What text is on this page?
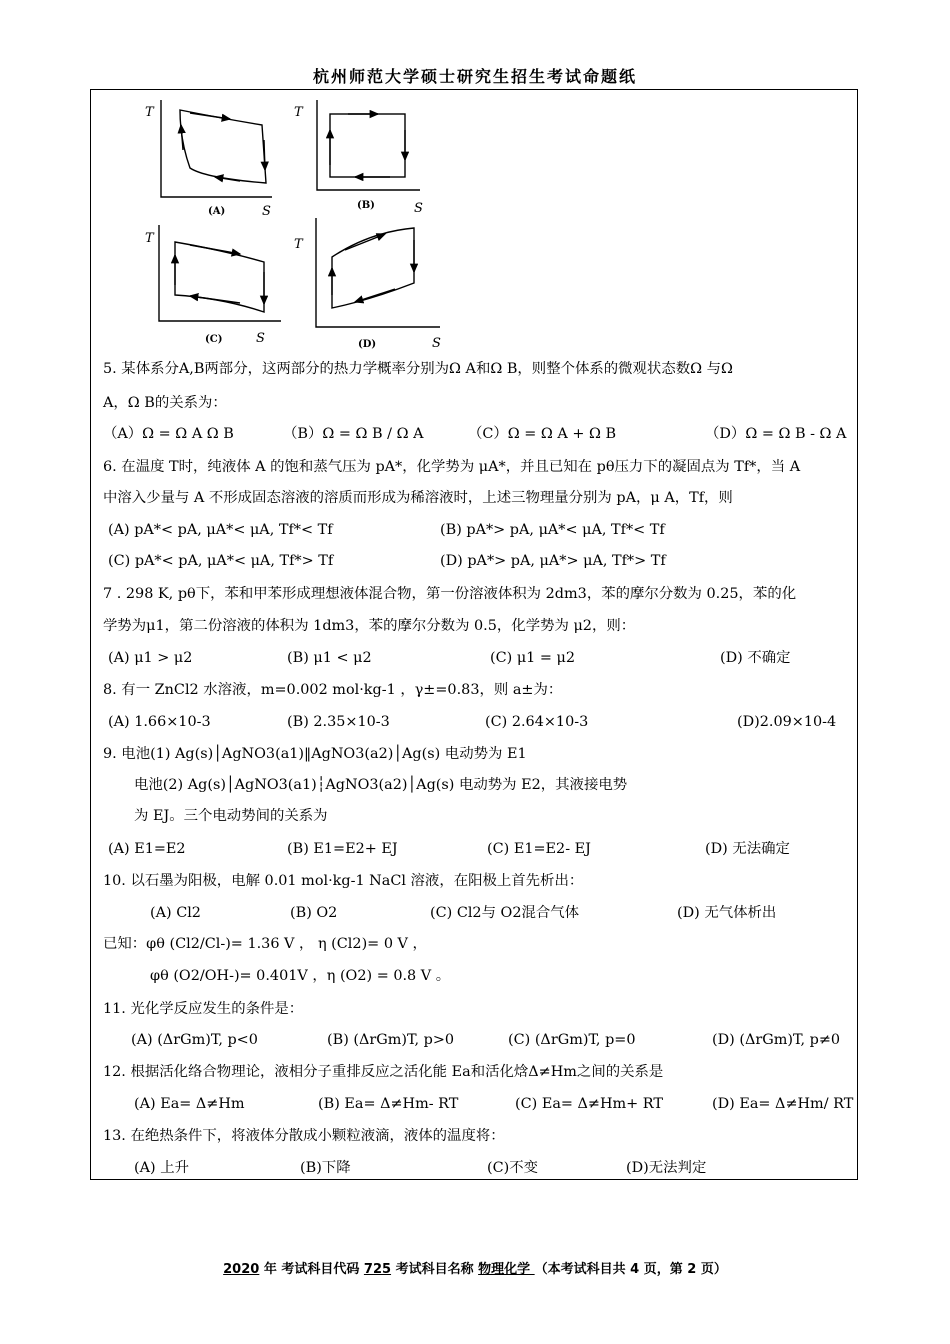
杭州师范大学硕士研究生招生考试命题纸
T
S
T
S
T
S
T
S
(A)
(B)
(C)	(D)
5. 某体系分A,B两部分，这两部分的热力学概率分别为Ω A和Ω B，则整个体系的微观状态数Ω 与Ω
A，Ω B的关系为：
（A）Ω = Ω A Ω B	（B）Ω = Ω B / Ω A	（C）Ω = Ω A + Ω B	（D）Ω = Ω B - Ω A
6. 在温度 T时，纯液体 A 的饱和蒸气压为 pA*，化学势为 μA*，并且已知在 pθ压力下的凝固点为 Tf*，当 A
中溶入少量与 A 不形成固态溶液的溶质而形成为稀溶液时，上述三物理量分别为 pA，μ A，Tf，则
(A) pA*< pA, μA*< μA, Tf*< Tf	(B) pA*> pA, μA*< μA, Tf*< Tf
(C) pA*< pA, μA*< μA, Tf*> Tf	(D) pA*> pA, μA*> μA, Tf*> Tf
7 . 298 K, pθ下，苯和甲苯形成理想液体混合物，第一份溶液体积为 2dm3，苯的摩尔分数为 0.25，苯的化
学势为μ1，第二份溶液的体积为 1dm3，苯的摩尔分数为 0.5，化学势为 μ2，则：
(A) μ1 > μ2	(B) μ1 < μ2	(C) μ1 = μ2	(D) 不确定
8. 有一 ZnCl2 水溶液，m=0.002 mol·kg-1 ，γ±=0.83，则 a±为：
(A) 1.66×10-3	(B) 2.35×10-3	(C) 2.64×10-3	(D)2.09×10-4
9. 电池(1) Ag(s)│AgNO3(a1)‖AgNO3(a2)│Ag(s) 电动势为 E1
电池(2) Ag(s)│AgNO3(a1)┆AgNO3(a2)│Ag(s) 电动势为 E2，其液接电势
为 EJ。三个电动势间的关系为
(A) E1=E2	(B) E1=E2+ EJ	(C) E1=E2- EJ	(D) 无法确定
10. 以石墨为阳极，电解 0.01 mol·kg-1 NaCl 溶液，在阳极上首先析出：
(A) Cl2	(B) O2	(C) Cl2与 O2混合气体	(D) 无气体析出
已知：φθ (Cl2/Cl-)= 1.36 V ， η (Cl2)= 0 V ，
φθ (O2/OH-)= 0.401V ，η (O2) = 0.8 V 。
11. 光化学反应发生的条件是：
(A) (ΔrGm)T, p<0	(B) (ΔrGm)T, p>0	(C) (ΔrGm)T, p=0	(D) (ΔrGm)T, p≠0
12. 根据活化络合物理论，液相分子重排反应之活化能 Ea和活化焓Δ≠Hm之间的关系是
(A) Ea= Δ≠Hm	(B) Ea= Δ≠Hm- RT	(C) Ea= Δ≠Hm+ RT	(D) Ea= Δ≠Hm/ RT
13. 在绝热条件下，将液体分散成小颗粒液滴，液体的温度将：
(A) 上升	(B)下降	(C)不变	(D)无法判定
2020 年 考试科目代码 725 考试科目名称 物理化学 （本考试科目共 4 页，第 2 页）
